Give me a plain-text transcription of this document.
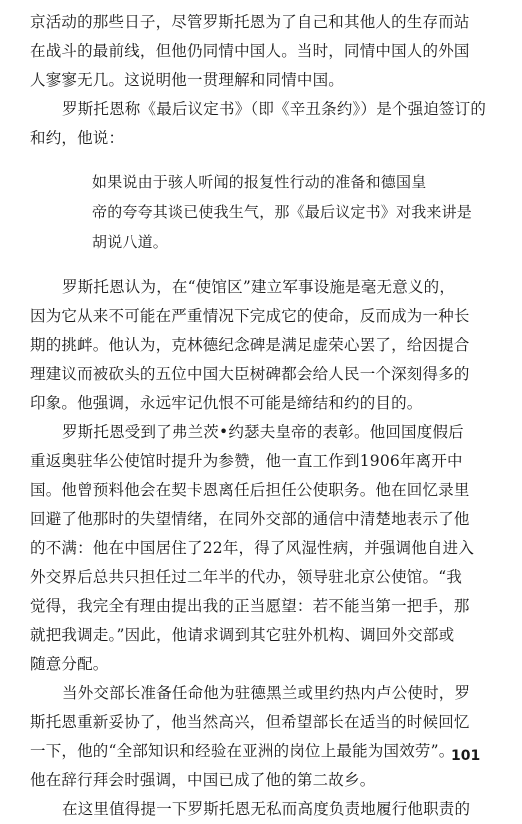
京活动的那些日子，尽管罗斯托恩为了自己和其他人的生存而站
在战斗的最前线，但他仍同情中国人。当时，同情中国人的外国
人寥寥无几。这说明他一贯理解和同情中国。
罗斯托恩称《最后议定书》（即《辛丑条约》）是个强迫签订的
和约，他说：
如果说由于骇人听闻的报复性行动的准备和德国皇
帝的夸夸其谈已使我生气，那《最后议定书》对我来讲是
胡说八道。
罗斯托恩认为，在“使馆区”建立军事设施是毫无意义的，
因为它从来不可能在严重情况下完成它的使命，反而成为一种长
期的挑衅。他认为，克林德纪念碑是满足虚荣心罢了，给因提合
理建议而被砍头的五位中国大臣树碑都会给人民一个深刻得多的
印象。他强调，永远牢记仇恨不可能是缔结和约的目的。
罗斯托恩受到了弗兰茨•约瑟夫皇帝的表彰。他回国度假后
重返奥驻华公使馆时提升为参赞，他一直工作到1906年离开中
国。他曾预料他会在契卡恩离任后担任公使职务。他在回忆录里
回避了他那时的失望情绪，在同外交部的通信中清楚地表示了他
的不满：他在中国居住了22年，得了风湿性病，并强调他自进入
外交界后总共只担任过二年半的代办，领导驻北京公使馆。“我
觉得，我完全有理由提出我的正当愿望：若不能当第一把手，那
就把我调走。”因此，他请求调到其它驻外机构、调回外交部或
随意分配。
当外交部长准备任命他为驻德黑兰或里约热内卢公使时，罗
斯托恩重新妥协了，他当然高兴，但希望部长在适当的时候回忆
一下，他的“全部知识和经验在亚洲的岗位上最能为国效劳”。
他在辞行拜会时强调，中国已成了他的第二故乡。
在这里值得提一下罗斯托恩无私而高度负责地履行他职责的
101
